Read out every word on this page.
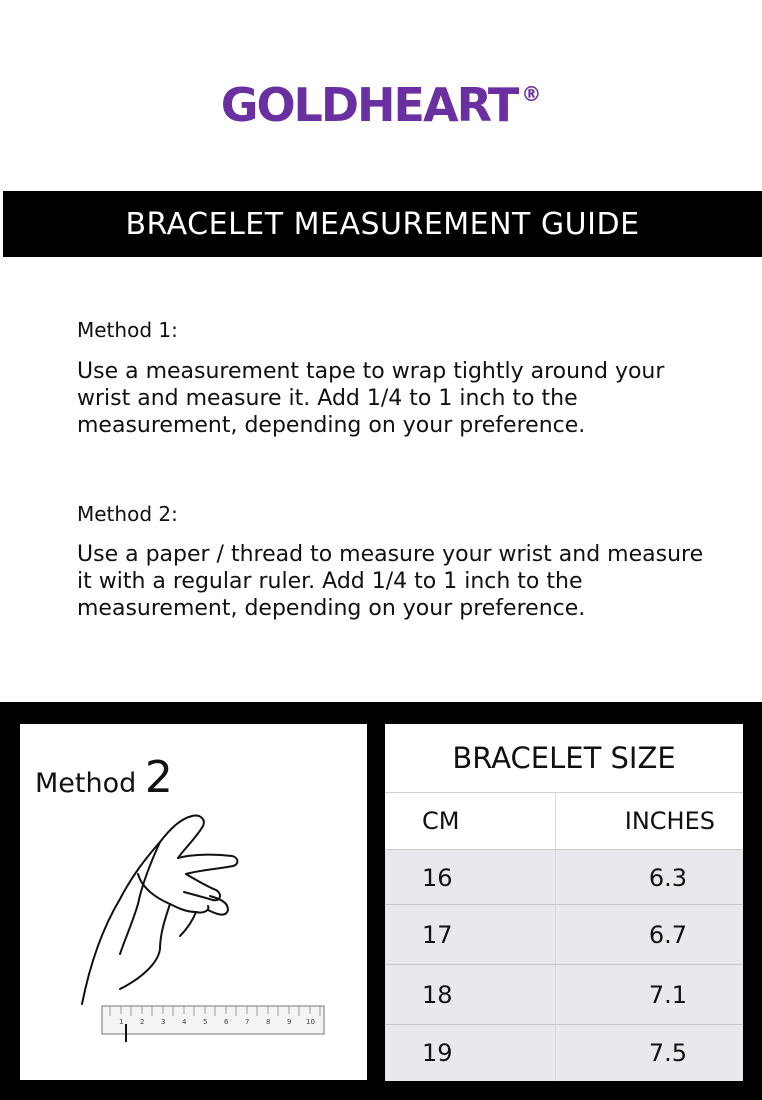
GOLDHEART ®
BRACELET MEASUREMENT GUIDE
Method 1:
Use a measurement tape to wrap tightly around your wrist and measure it. Add 1/4 to 1 inch to the measurement, depending on your preference.
Method 2:
Use a paper / thread to measure your wrist and measure it with a regular ruler. Add 1/4 to 1 inch to the measurement, depending on your preference.
Method 2
1 2 3 4 5 6 7 8 9 10
BRACELET SIZE
CM	INCHES
16	6.3
17	6.7
18	7.1
19	7.5
